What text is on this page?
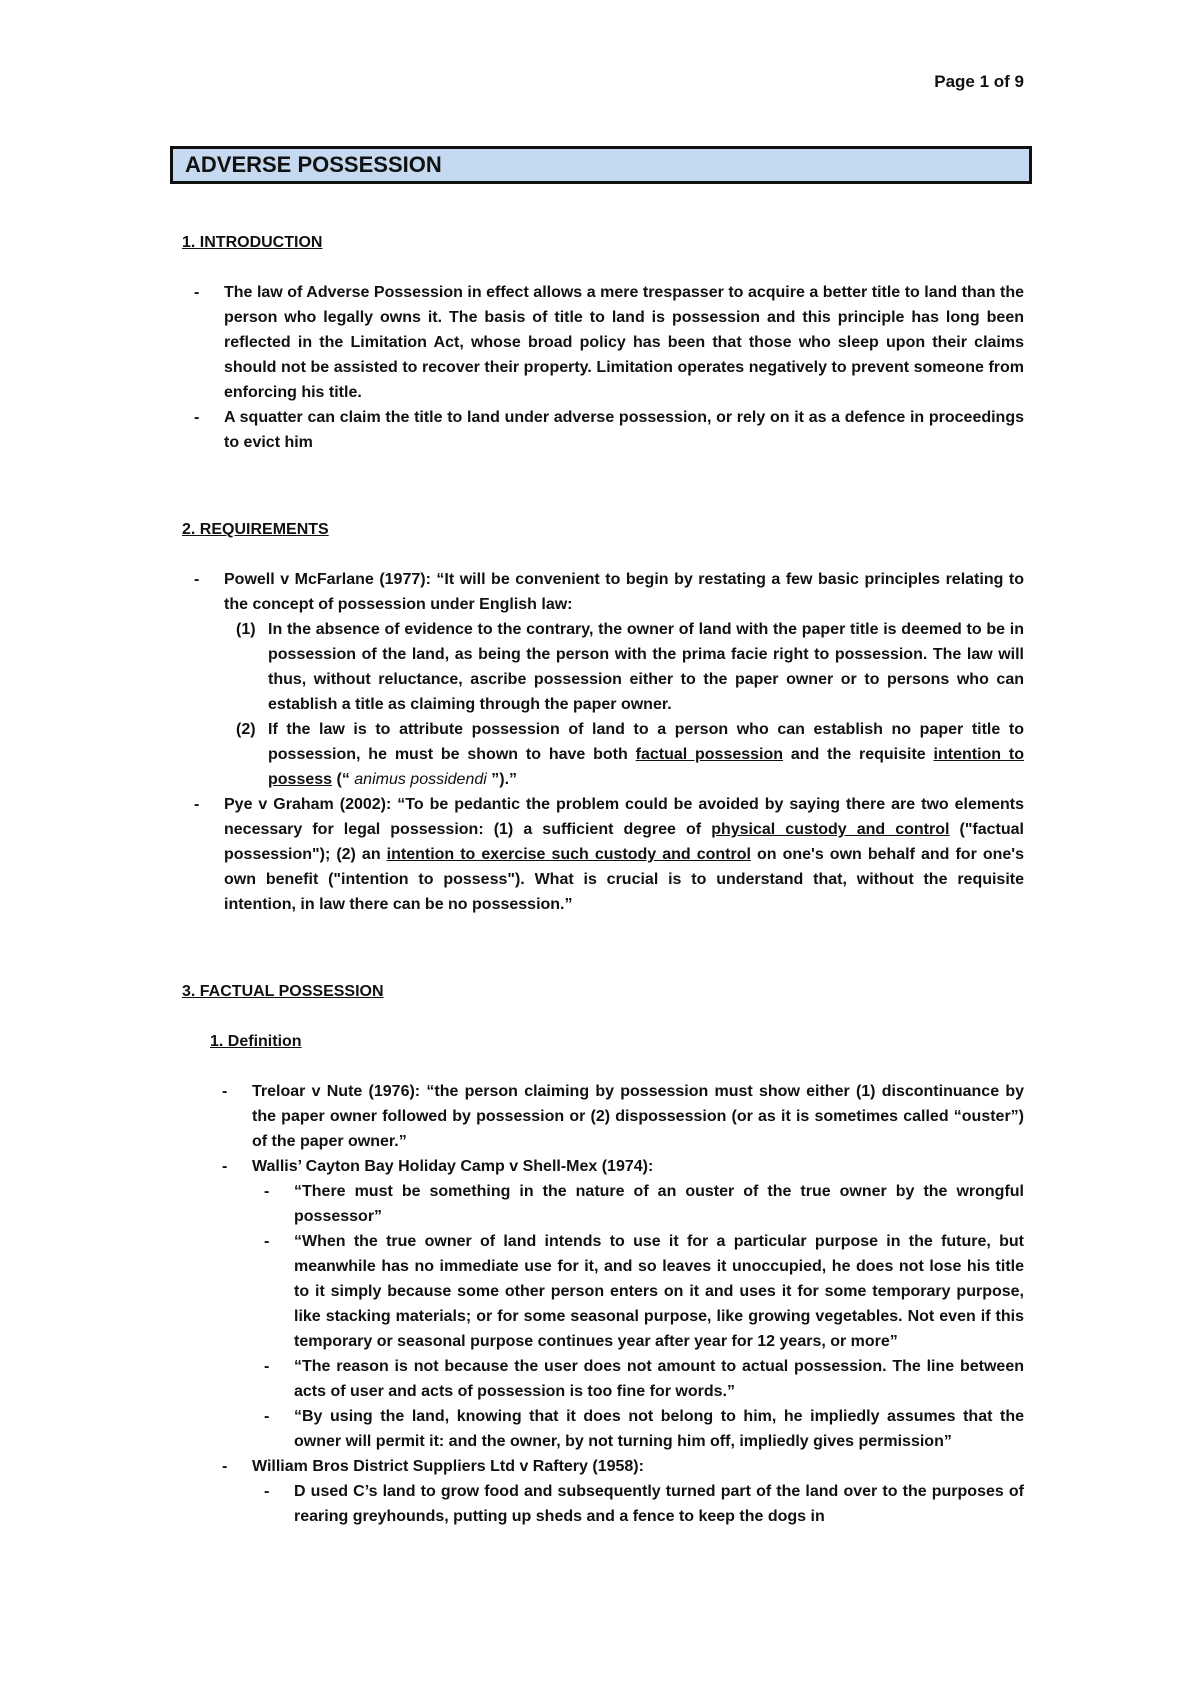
Page 1 of 9
ADVERSE POSSESSION

1. INTRODUCTION

- The law of Adverse Possession in effect allows a mere trespasser to acquire a better title to land than the person who legally owns it. The basis of title to land is possession and this principle has long been reflected in the Limitation Act, whose broad policy has been that those who sleep upon their claims should not be assisted to recover their property. Limitation operates negatively to prevent someone from enforcing his title.
- A squatter can claim the title to land under adverse possession, or rely on it as a defence in proceedings to evict him

2. REQUIREMENTS

- Powell v McFarlane (1977): “It will be convenient to begin by restating a few basic principles relating to the concept of possession under English law:
(1) In the absence of evidence to the contrary, the owner of land with the paper title is deemed to be in possession of the land, as being the person with the prima facie right to possession. The law will thus, without reluctance, ascribe possession either to the paper owner or to persons who can establish a title as claiming through the paper owner.
(2) If the law is to attribute possession of land to a person who can establish no paper title to possession, he must be shown to have both factual possession and the requisite intention to possess (“ animus possidendi ”).”
- Pye v Graham (2002): “To be pedantic the problem could be avoided by saying there are two elements necessary for legal possession: (1) a sufficient degree of physical custody and control ("factual possession"); (2) an intention to exercise such custody and control on one's own behalf and for one's own benefit ("intention to possess"). What is crucial is to understand that, without the requisite intention, in law there can be no possession.”

3. FACTUAL POSSESSION

1. Definition

- Treloar v Nute (1976): “the person claiming by possession must show either (1) discontinuance by the paper owner followed by possession or (2) dispossession (or as it is sometimes called “ouster”) of the paper owner.”
- Wallis’ Cayton Bay Holiday Camp v Shell-Mex (1974):
- “There must be something in the nature of an ouster of the true owner by the wrongful possessor”
- “When the true owner of land intends to use it for a particular purpose in the future, but meanwhile has no immediate use for it, and so leaves it unoccupied, he does not lose his title to it simply because some other person enters on it and uses it for some temporary purpose, like stacking materials; or for some seasonal purpose, like growing vegetables. Not even if this temporary or seasonal purpose continues year after year for 12 years, or more”
- “The reason is not because the user does not amount to actual possession. The line between acts of user and acts of possession is too fine for words.”
- “By using the land, knowing that it does not belong to him, he impliedly assumes that the owner will permit it: and the owner, by not turning him off, impliedly gives permission”
- William Bros District Suppliers Ltd v Raftery (1958):
- D used C’s land to grow food and subsequently turned part of the land over to the purposes of rearing greyhounds, putting up sheds and a fence to keep the dogs in
